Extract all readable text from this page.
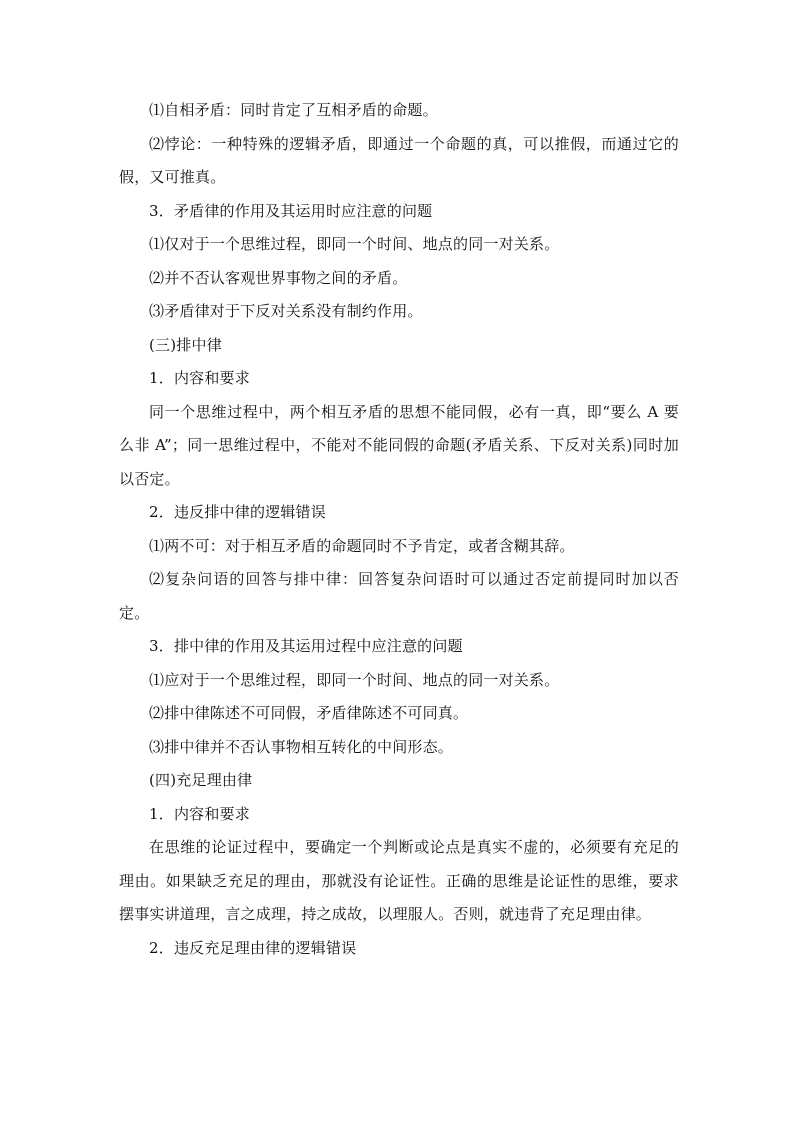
⑴自相矛盾：同时肯定了互相矛盾的命题。

⑵悖论：一种特殊的逻辑矛盾，即通过一个命题的真，可以推假，而通过它的假，又可推真。

3．矛盾律的作用及其运用时应注意的问题

⑴仅对于一个思维过程，即同一个时间、地点的同一对关系。

⑵并不否认客观世界事物之间的矛盾。

⑶矛盾律对于下反对关系没有制约作用。

(三)排中律

1．内容和要求

同一个思维过程中，两个相互矛盾的思想不能同假，必有一真，即“要么 A 要么非 A”；同一思维过程中，不能对不能同假的命题(矛盾关系、下反对关系)同时加以否定。

2．违反排中律的逻辑错误

⑴两不可：对于相互矛盾的命题同时不予肯定，或者含糊其辞。

⑵复杂问语的回答与排中律：回答复杂问语时可以通过否定前提同时加以否定。

3．排中律的作用及其运用过程中应注意的问题

⑴应对于一个思维过程，即同一个时间、地点的同一对关系。

⑵排中律陈述不可同假，矛盾律陈述不可同真。

⑶排中律并不否认事物相互转化的中间形态。

(四)充足理由律

1．内容和要求

在思维的论证过程中，要确定一个判断或论点是真实不虚的，必须要有充足的理由。如果缺乏充足的理由，那就没有论证性。正确的思维是论证性的思维，要求摆事实讲道理，言之成理，持之成故，以理服人。否则，就违背了充足理由律。

2．违反充足理由律的逻辑错误
